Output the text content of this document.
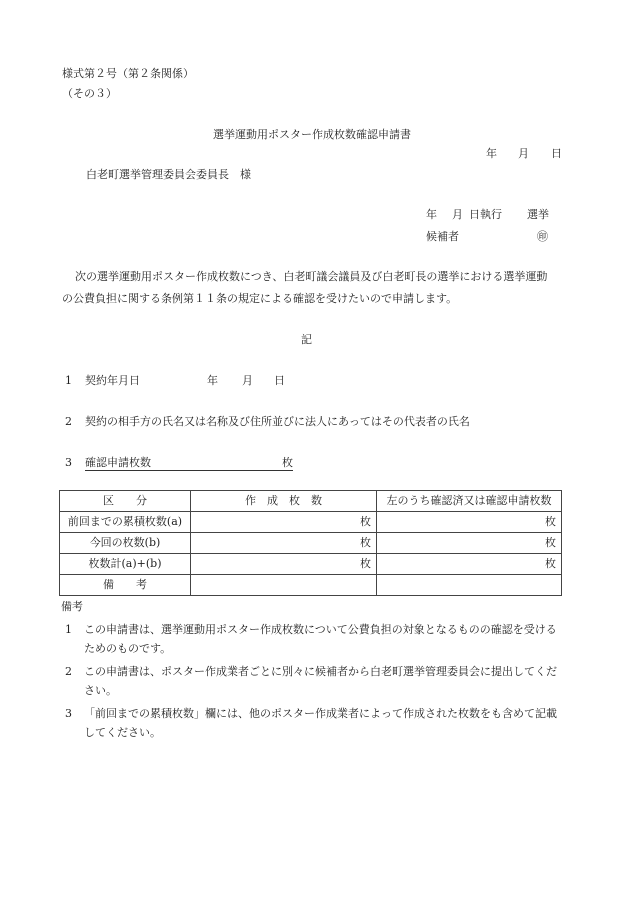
様式第２号（第２条関係）
（その３）
選挙運動用ポスター作成枚数確認申請書
年 月 日
白老町選挙管理委員会委員長　様
年 月 日執行 選挙
候補者	㊞
次の選挙運動用ポスター作成枚数につき、白老町議会議員及び白老町長の選挙における選挙運動
の公費負担に関する条例第１１条の規定による確認を受けたいので申請します。
記
1 契約年月日	年 月 日
2 契約の相手方の氏名又は名称及び住所並びに法人にあってはその代表者の氏名
3 確認申請枚数	枚
区　　分	作　成　枚　数	左のうち確認済又は確認申請枚数
前回までの累積枚数(a)	枚	枚
今回の枚数(b)	枚	枚
枚数計(a)+(b)	枚	枚
備　　考		
備考
1 この申請書は、選挙運動用ポスター作成枚数について公費負担の対象となるものの確認を受けるためのものです。
2 この申請書は、ポスター作成業者ごとに別々に候補者から白老町選挙管理委員会に提出してください。
3 「前回までの累積枚数」欄には、他のポスター作成業者によって作成された枚数をも含めて記載してください。
